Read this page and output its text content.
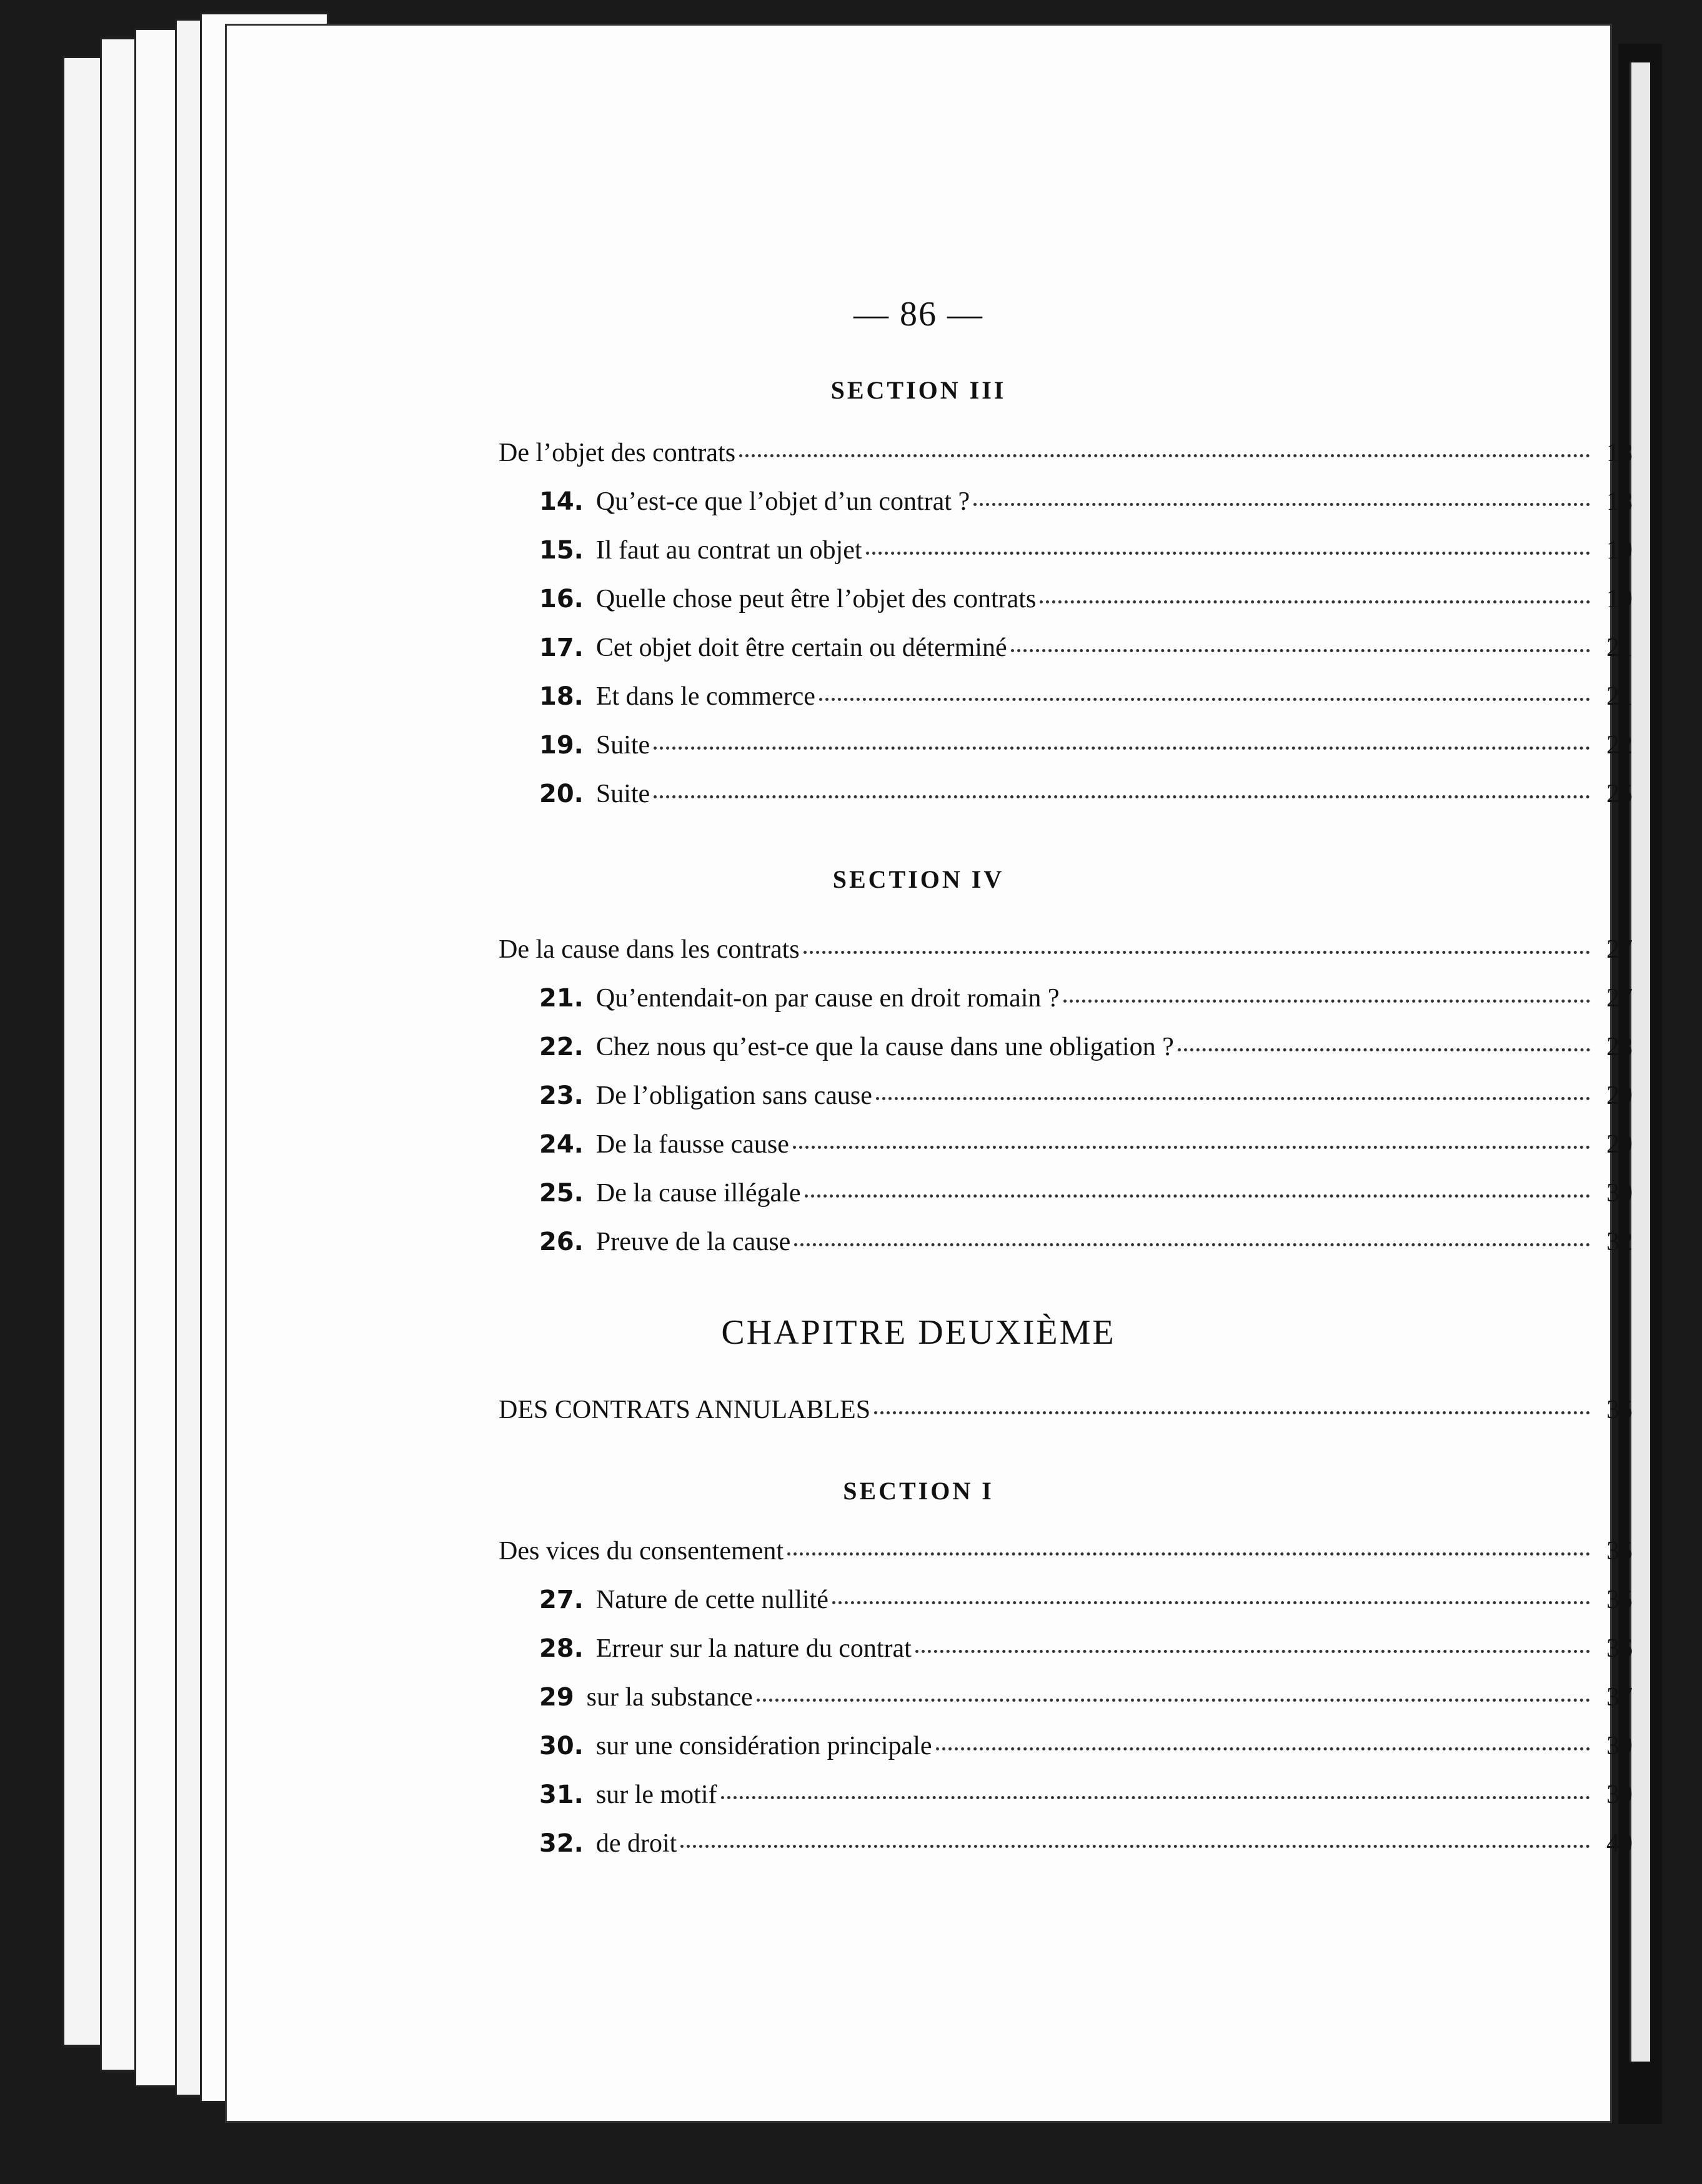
— 86 —
SECTION III
De l’objet des contrats	18
14. Qu’est-ce que l’objet d’un contrat ?	18
15. Il faut au contrat un objet	19
16. Quelle chose peut être l’objet des contrats	19
17. Cet objet doit être certain ou déterminé	21
18. Et dans le commerce	21
19. Suite	22
20. Suite	25
SECTION IV
De la cause dans les contrats	27
21. Qu’entendait-on par cause en droit romain ?	27
22. Chez nous qu’est-ce que la cause dans une obligation ?	28
23. De l’obligation sans cause	29
24. De la fausse cause	29
25. De la cause illégale	30
26. Preuve de la cause	32
CHAPITRE DEUXIÈME
DES CONTRATS ANNULABLES	35
SECTION I
Des vices du consentement	35
27. Nature de cette nullité	35
28. Erreur sur la nature du contrat	36
29 sur la substance	37
30. sur une considération principale	39
31. sur le motif	39
32. de droit	40
